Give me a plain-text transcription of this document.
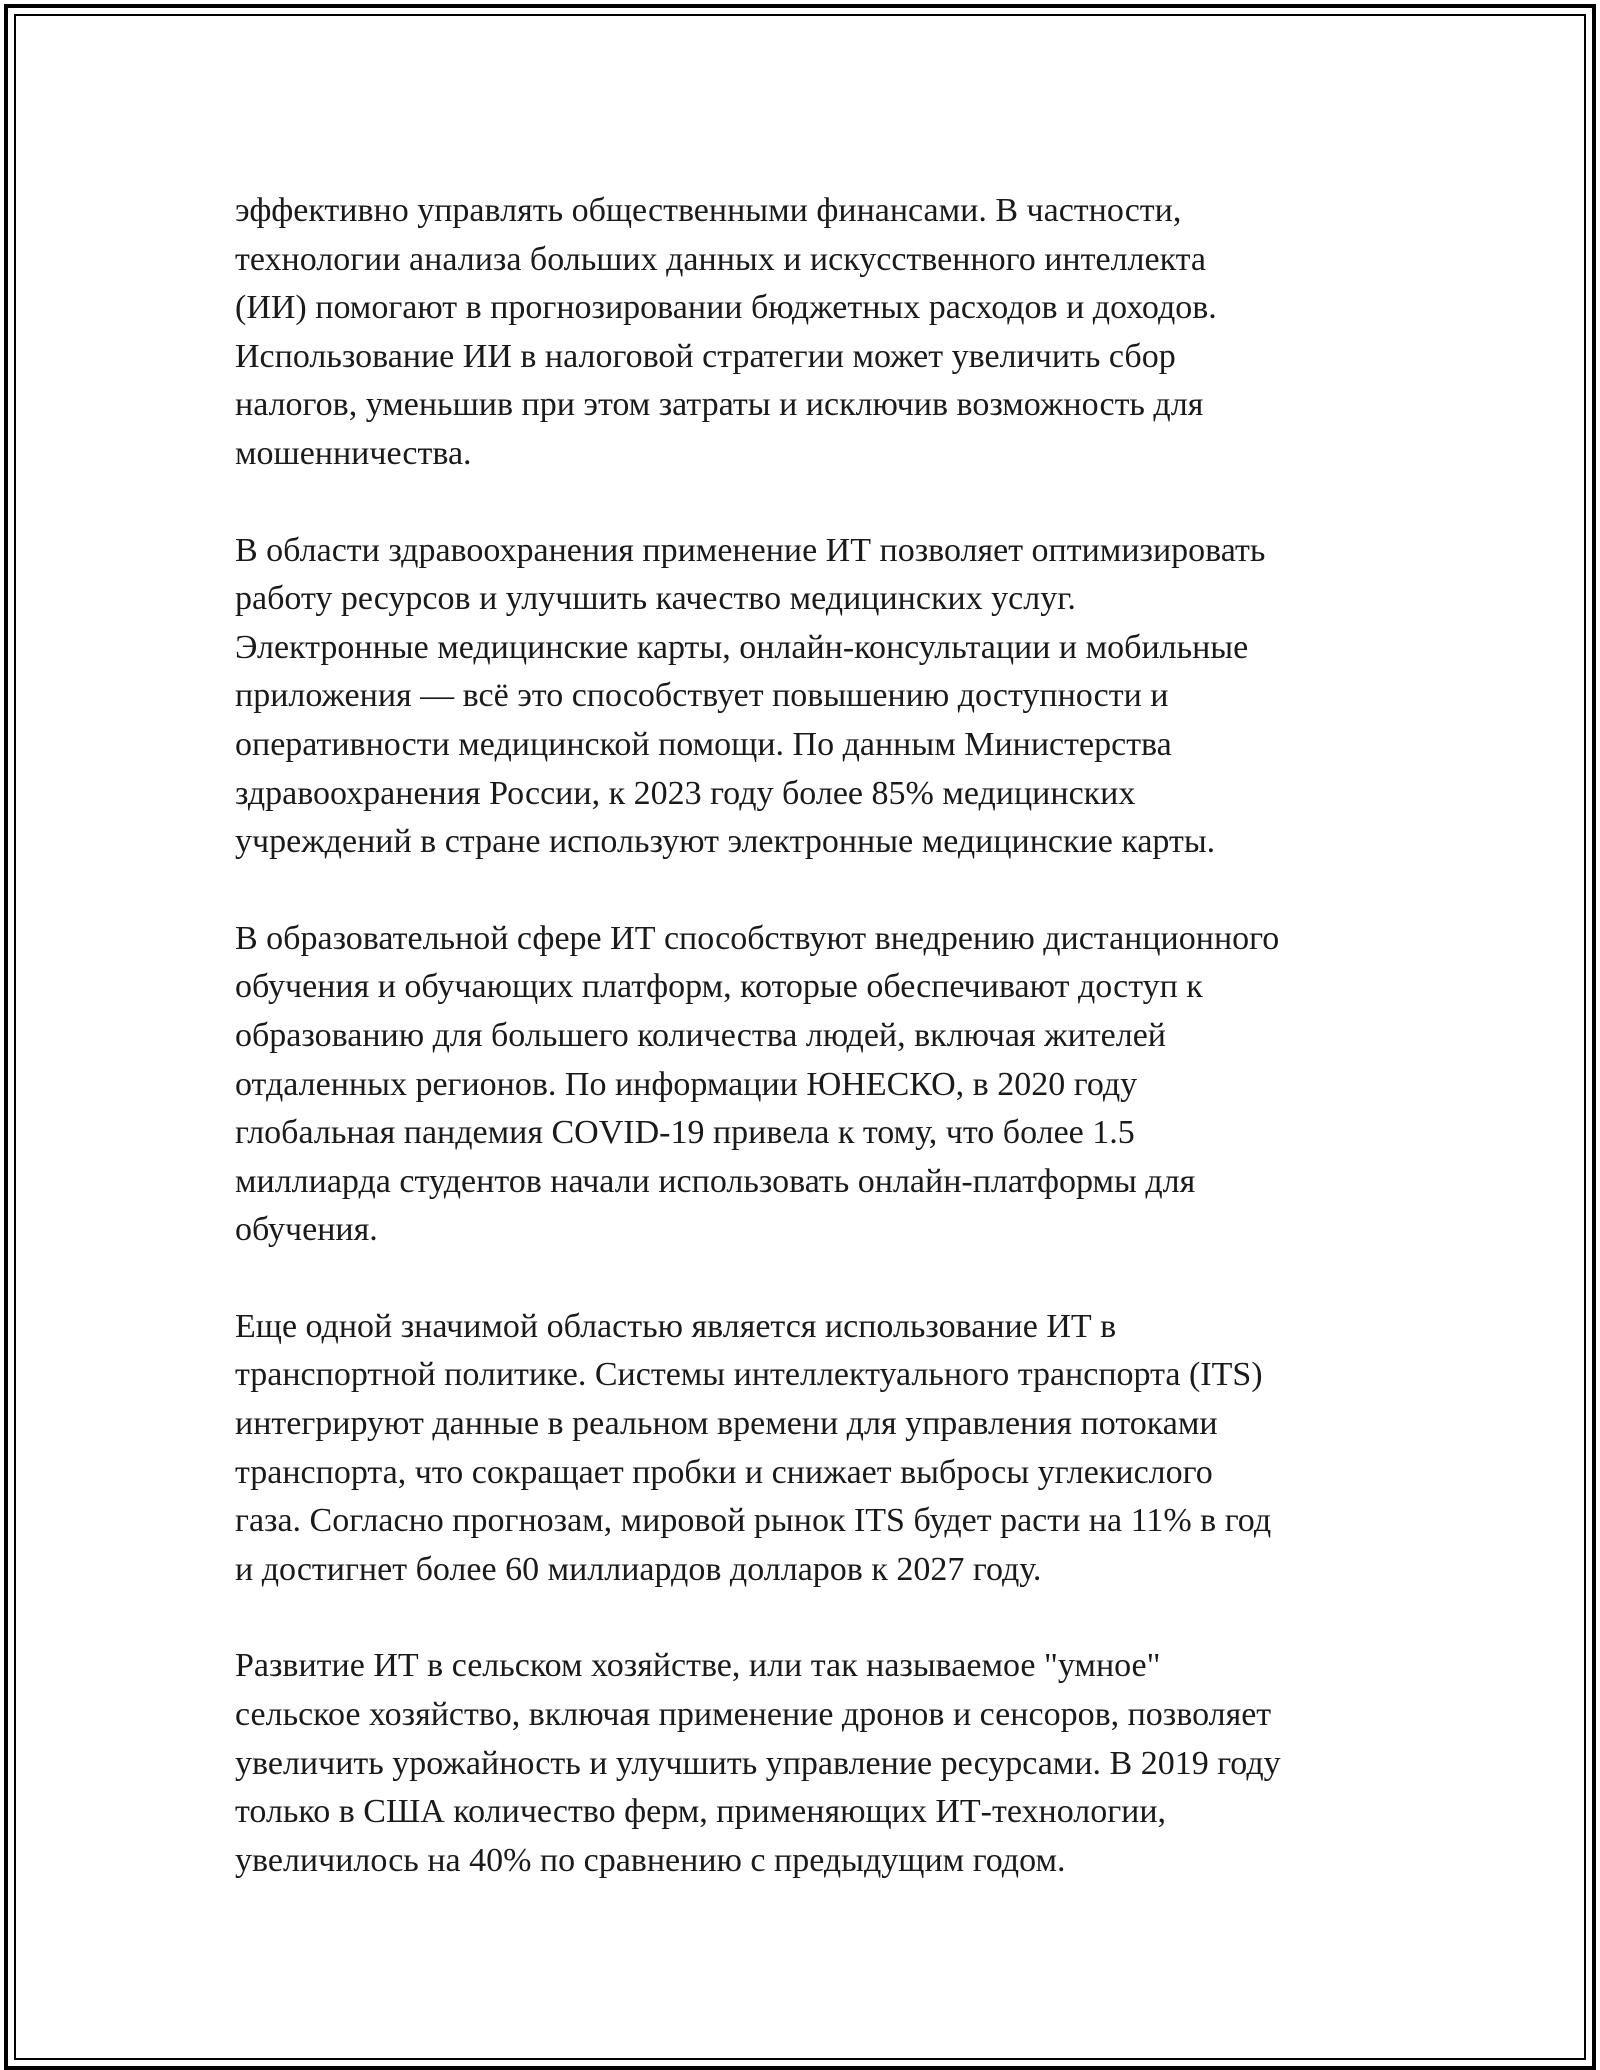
эффективно управлять общественными финансами. В частности,
технологии анализа больших данных и искусственного интеллекта
(ИИ) помогают в прогнозировании бюджетных расходов и доходов.
Использование ИИ в налоговой стратегии может увеличить сбор
налогов, уменьшив при этом затраты и исключив возможность для
мошенничества.

В области здравоохранения применение ИТ позволяет оптимизировать
работу ресурсов и улучшить качество медицинских услуг.
Электронные медицинские карты, онлайн-консультации и мобильные
приложения — всё это способствует повышению доступности и
оперативности медицинской помощи. По данным Министерства
здравоохранения России, к 2023 году более 85% медицинских
учреждений в стране используют электронные медицинские карты.

В образовательной сфере ИТ способствуют внедрению дистанционного
обучения и обучающих платформ, которые обеспечивают доступ к
образованию для большего количества людей, включая жителей
отдаленных регионов. По информации ЮНЕСКО, в 2020 году
глобальная пандемия COVID-19 привела к тому, что более 1.5
миллиарда студентов начали использовать онлайн-платформы для
обучения.

Еще одной значимой областью является использование ИТ в
транспортной политике. Системы интеллектуального транспорта (ITS)
интегрируют данные в реальном времени для управления потоками
транспорта, что сокращает пробки и снижает выбросы углекислого
газа. Согласно прогнозам, мировой рынок ITS будет расти на 11% в год
и достигнет более 60 миллиардов долларов к 2027 году.

Развитие ИТ в сельском хозяйстве, или так называемое "умное"
сельское хозяйство, включая применение дронов и сенсоров, позволяет
увеличить урожайность и улучшить управление ресурсами. В 2019 году
только в США количество ферм, применяющих ИТ-технологии,
увеличилось на 40% по сравнению с предыдущим годом.
